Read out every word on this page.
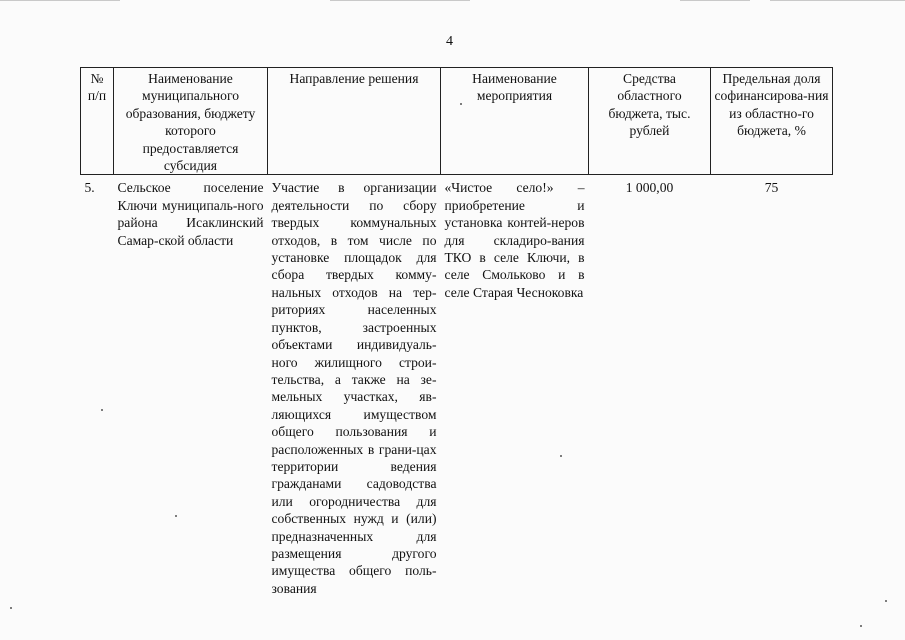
4
№ п/п	Наименование муниципального образования, бюджету которого предоставляется субсидия	Направление решения	Наименование мероприятия	Средства областного бюджета, тыс. рублей	Предельная доля софинансирова-ния из областно-го бюджета, %
5.	Сельское поселение Ключи муниципаль-ного района Исаклинский Самар-ской области	Участие в организации деятельности по сбору твердых коммунальных отходов, в том числе по установке площадок для сбора твердых комму-нальных отходов на тер-риториях населенных пунктов, застроенных объектами индивидуаль-ного жилищного строи-тельства, а также на зе-мельных участках, яв-ляющихся имуществом общего пользования и расположенных в грани-цах территории ведения гражданами садоводства или огородничества для собственных нужд и (или) предназначенных для размещения другого имущества общего поль-зования	«Чистое село!» – приобретение и установка контей-неров для складиро-вания ТКО в селе Ключи, в селе Смольково и в селе Старая Чесноковка	1 000,00	75
